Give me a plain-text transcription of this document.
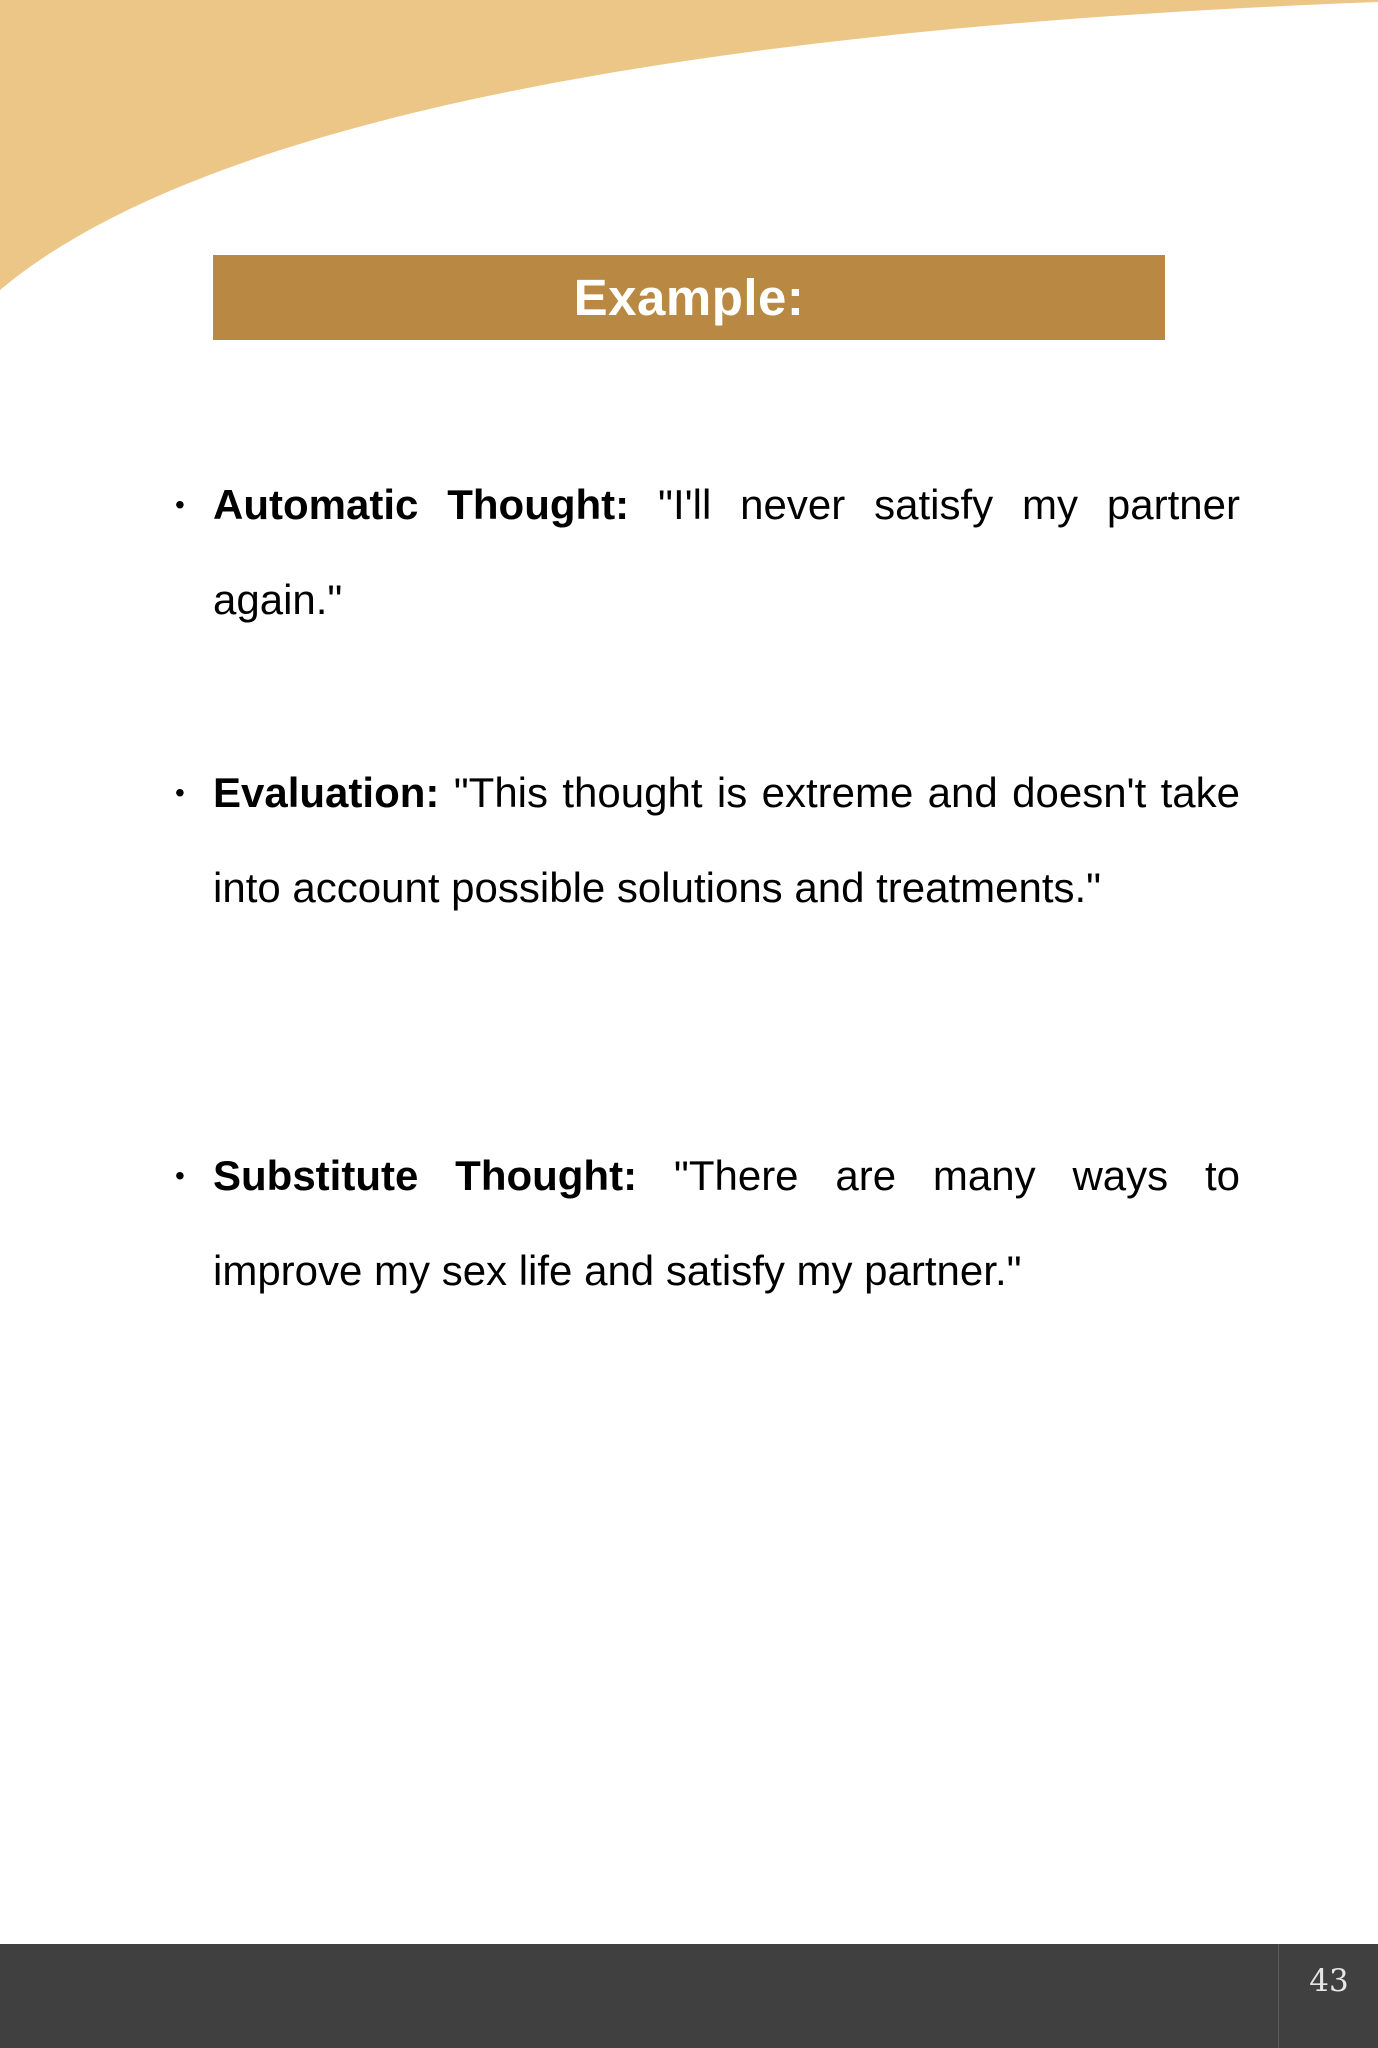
Example:
• Automatic Thought: "I'll never satisfy my partner again."
• Evaluation: "This thought is extreme and doesn't take into account possible solutions and treatments."
• Substitute Thought: "There are many ways to improve my sex life and satisfy my partner."
43
